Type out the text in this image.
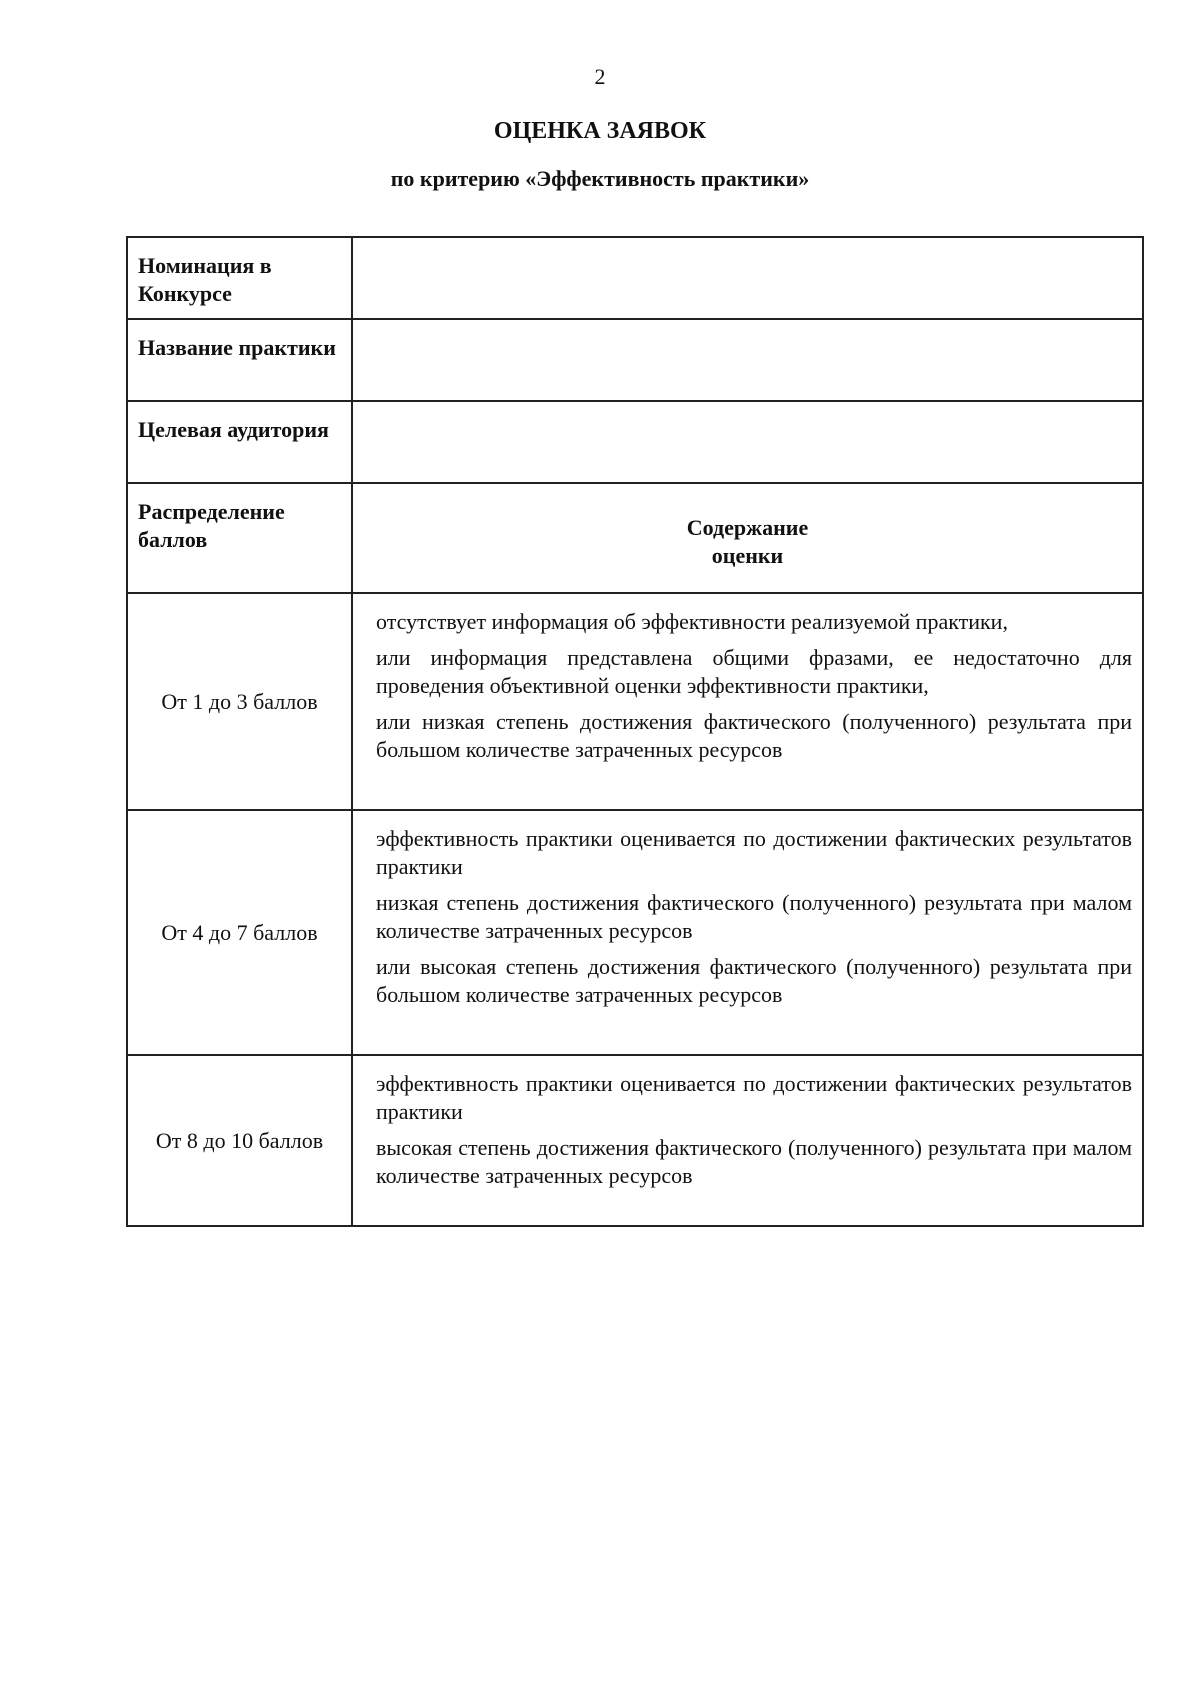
2
ОЦЕНКА ЗАЯВОК
по критерию «Эффективность практики»
Номинация в Конкурсе	
Название практики	
Целевая аудитория	
Распределение баллов	Содержание оценки

От 1 до 3 баллов	отсутствует информация об эффективности реализуемой практики,

или информация представлена общими фразами, ее недостаточно для проведения объективной оценки эффективности практики,

или низкая степень достижения фактического (полученного) результата при большом количестве затраченных ресурсов

От 4 до 7 баллов	эффективность практики оценивается по достижении фактических результатов практики

низкая степень достижения фактического (полученного) результата при малом количестве затраченных ресурсов

или высокая степень достижения фактического (полученного) результата при большом количестве затраченных ресурсов

От 8 до 10 баллов	эффективность практики оценивается по достижении фактических результатов практики

высокая степень достижения фактического (полученного) результата при малом количестве затраченных ресурсов
